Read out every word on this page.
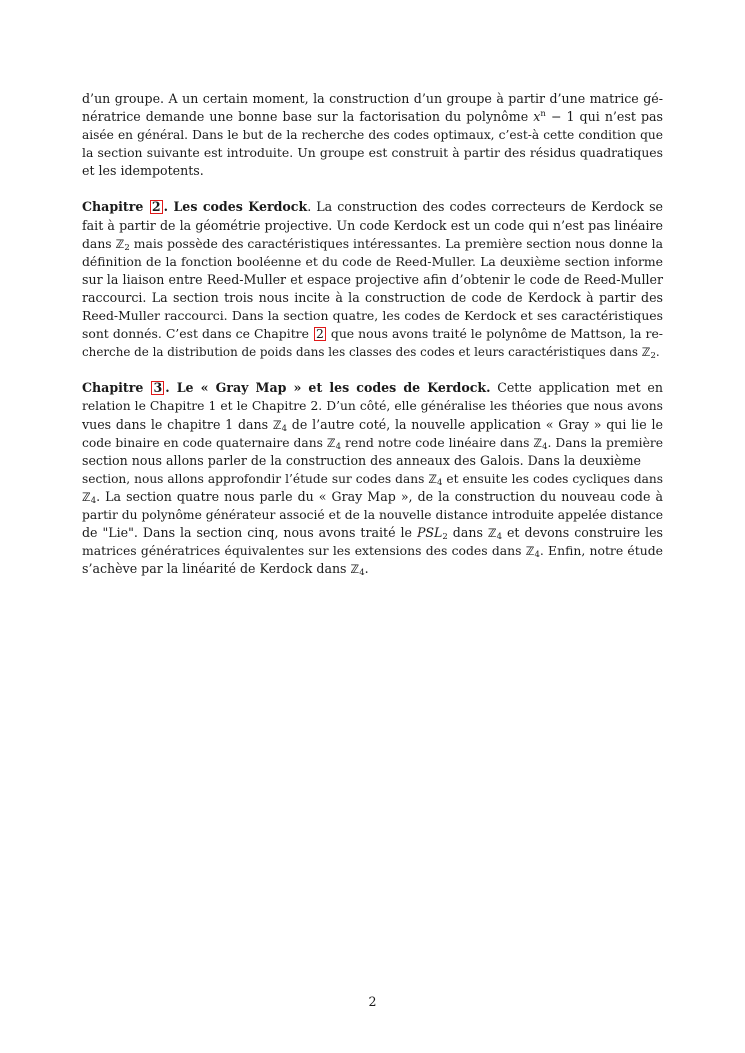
d’un groupe. A un certain moment, la construction d’un groupe à partir d’une matrice gé-
nératrice demande une bonne base sur la factorisation du polynôme $x^n - 1$ qui n’est pas
aisée en général. Dans le but de la recherche des codes optimaux, c’est-à cette condition que
la section suivante est introduite. Un groupe est construit à partir des résidus quadratiques
et les idempotents.

Chapitre 2 . Les codes Kerdock. La construction des codes correcteurs de Kerdock se
fait à partir de la géométrie projective. Un code Kerdock est un code qui n’est pas linéaire
dans ℤ$_2$ mais possède des caractéristiques intéressantes. La première section nous donne la
définition de la fonction booléenne et du code de Reed-Muller. La deuxième section informe
sur la liaison entre Reed-Muller et espace projective afin d’obtenir le code de Reed-Muller
raccourci. La section trois nous incite à la construction de code de Kerdock à partir des
Reed-Muller raccourci. Dans la section quatre, les codes de Kerdock et ses caractéristiques
sont donnés. C’est dans ce Chapitre 2 que nous avons traité le polynôme de Mattson, la re-
cherche de la distribution de poids dans les classes des codes et leurs caractéristiques dans ℤ$_2$.

Chapitre 3 . Le « Gray Map » et les codes de Kerdock. Cette application met en
relation le Chapitre 1 et le Chapitre 2. D’un côté, elle généralise les théories que nous avons
vues dans le chapitre 1 dans ℤ$_4$ de l’autre coté, la nouvelle application « Gray » qui lie le
code binaire en code quaternaire dans ℤ$_4$ rend notre code linéaire dans ℤ$_4$. Dans la première
section nous allons parler de la construction des anneaux des Galois. Dans la deuxième
section, nous allons approfondir l’étude sur codes dans ℤ$_4$ et ensuite les codes cycliques dans
ℤ$_4$. La section quatre nous parle du « Gray Map », de la construction du nouveau code à
partir du polynôme générateur associé et de la nouvelle distance introduite appelée distance
de "Lie". Dans la section cinq, nous avons traité le $PSL_2$ dans ℤ$_4$ et devons construire les
matrices génératrices équivalentes sur les extensions des codes dans ℤ$_4$. Enfin, notre étude
s’achève par la linéarité de Kerdock dans ℤ$_4$.

2
